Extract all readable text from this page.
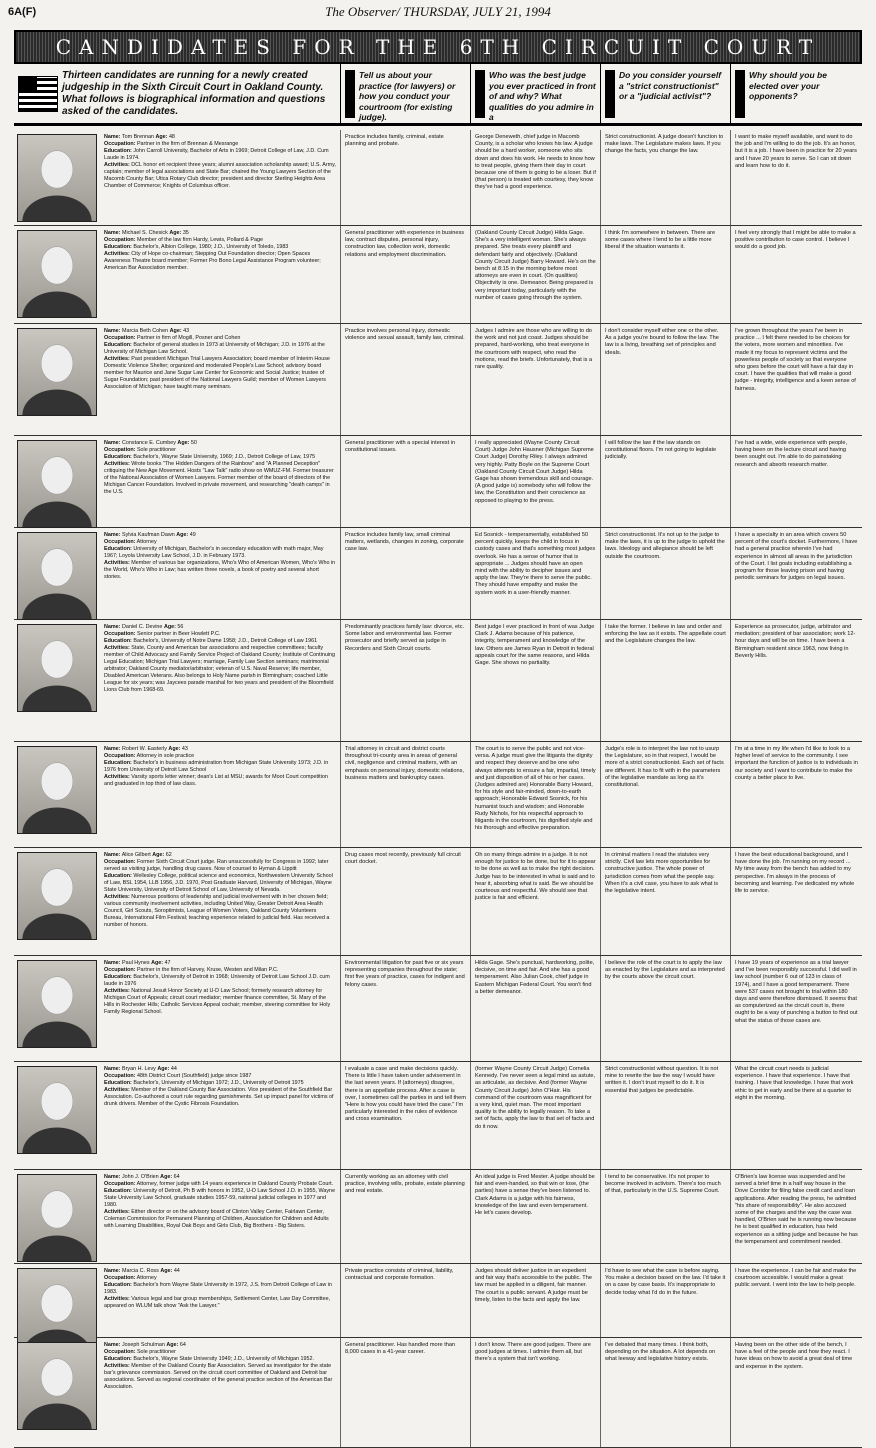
6A(F)	The Observer/ THURSDAY, JULY 21, 1994
CANDIDATES FOR THE 6TH CIRCUIT COURT
Thirteen candidates are running for a newly created judgeship in the Sixth Circuit Court in Oakland County. What follows is biographical information and questions asked of the candidates.
Tell us about your practice (for lawyers) or how you conduct your courtroom (for existing judge).
Who was the best judge you ever practiced in front of and why? What qualities do you admire in a
Do you consider yourself a "strict constructionist" or a "judicial activist"?
Why should you be elected over your opponents?
Name: Tom Brennan Age: 48
Occupation: Partner in the firm of Brennan & Mesrange
Education: John Carroll University, Bachelor of Arts in 1969; Detroit College of Law, J.D. Cum Laude in 1974.
Activities: DCL honor ert recipient three years; alumni association scholarship award; U.S. Army, captain; member of legal associations and State Bar; chaired the Young Lawyers Section of the Macomb County Bar; Utica Rotary Club director; president and director Sterling Heights Area Chamber of Commerce; Knights of Columbus officer.
Practice includes family, criminal, estate planning and probate.
George Deneweth, chief judge in Macomb County, is a scholar who knows his law. A judge should be a hard worker, someone who sits down and does his work. He needs to know how to treat people, giving them their day in court because one of them is going to be a loser. But if (that person) is treated with courtesy, they know they've had a good experience.
Strict constructionist. A judge doesn't function to make laws. The Legislature makes laws. If you change the facts, you change the law.
I want to make myself available, and want to do the job and I'm willing to do the job. It's an honor, but it is a job. I have been in practice for 20 years and I have 20 years to serve. So I can sit down and learn how to do it.
Name: Michael S. Chesick Age: 35
Occupation: Member of the law firm Hardy, Lewis, Pollard & Page
Education: Bachelor's, Albion College, 1980; J.D., University of Toledo, 1983
Activities: City of Hope co-chairman; Stepping Out Foundation director; Open Spaces Awareness Theatre board member; Former Pro Bono Legal Assistance Program volunteer; American Bar Association member.
General practitioner with experience in business law, contract disputes, personal injury, construction law, collection work, domestic relations and employment discrimination.
(Oakland County Circuit Judge) Hilda Gage. She's a very intelligent woman. She's always prepared. She treats every plaintiff and defendant fairly and objectively. (Oakland County Circuit Judge) Barry Howard. He's on the bench at 8:15 in the morning before most attorneys are even in court. (On qualities) Objectivity is one. Demeanor. Being prepared is very important today, particularly with the number of cases going through the system.
I think I'm somewhere in between. There are some cases where I tend to be a little more liberal if the situation warrants it.
I feel very strongly that I might be able to make a positive contribution to case control. I believe I would do a good job.
Name: Marcia Beth Cohen Age: 43
Occupation: Partner in firm of Mogill, Posner and Cohen
Education: Bachelor of general studies in 1973 at University of Michigan; J.D. in 1976 at the University of Michigan Law School.
Activities: Past president Michigan Trial Lawyers Association; board member of Interim House Domestic Violence Shelter; organized and moderated People's Law School; advisory board member for Maurice and Jane Sugar Law Center for Economic and Social Justice; trustee of Sugar Foundation; past president of the National Lawyers Guild; member of Women Lawyers Association of Michigan; have taught many seminars.
Practice involves personal injury, domestic violence and sexual assault, family law, criminal.
Judges I admire are those who are willing to do the work and not just coast. Judges should be prepared, hard-working, who treat everyone in the courtroom with respect, who read the motions, read the briefs. Unfortunately, that is a rare quality.
I don't consider myself either one or the other. As a judge you're bound to follow the law. The law is a living, breathing set of principles and ideals.
I've grown throughout the years I've been in practice ... I felt there needed to be choices for the voters, more women and minorities. I've made it my focus to represent victims and the powerless people of society so that everyone who goes before the court will have a fair day in court. I have the qualities that will make a good judge - integrity, intelligence and a keen sense of fairness.
Name: Constance E. Cumbey Age: 50
Occupation: Sole practitioner
Education: Bachelor's, Wayne State University, 1969; J.D., Detroit College of Law, 1975
Activities: Wrote books "The Hidden Dangers of the Rainbow" and "A Planned Deception" critiquing the New Age Movement. Hosts "Law Talk" radio show on WMUZ-FM. Former treasurer of the National Association of Women Lawyers. Former member of the board of directors of the Michigan Cancer Foundation. Involved in private movement, and researching "death camps" in the U.S.
General practitioner with a special interest in constitutional issues.
I really appreciated (Wayne County Circuit Court) Judge John Hausner (Michigan Supreme Court Judge) Dorothy Riley. I always admired very highly. Patty Boyle on the Supreme Court (Oakland County Circuit Court Judge) Hilda Gage has shown tremendous skill and courage. (A good judge is) somebody who will follow the law, the Constitution and their conscience as opposed to playing to the press.
I will follow the law if the law stands on constitutional floors. I'm not going to legislate judicially.
I've had a wide, wide experience with people, having been on the lecture circuit and having been sought out. I'm able to do painstaking research and absorb research matter.
Name: Sylvia Kaufman Dawn Age: 49
Occupation: Attorney
Education: University of Michigan, Bachelor's in secondary education with math major, May 1967; Loyola University Law School, J.D. in February 1973.
Activities: Member of various bar organizations, Who's Who of American Women, Who's Who in the World, Who's Who in Law; has written three novels, a book of poetry and several short stories.
Practice includes family law, small criminal matters, wetlands, changes in zoning, corporate case law.
Ed Sosnick - temperamentally, established 50 percent quickly, keeps the child in focus in custody cases and that's something most judges overlook. He has a sense of humor that is appropriate ... Judges should have an open mind with the ability to decipher issues and apply the law. They're there to serve the public. They should have empathy and make the system work in a user-friendly manner.
Strict constructionist. It's not up to the judge to make the laws, it is up to the judge to uphold the laws. Ideology and allegiance should be left outside the courtroom.
I have a specialty in an area which covers 50 percent of the court's docket. Furthermore, I have had a general practice wherein I've had experience in almost all areas in the jurisdiction of the Court. I list goals including establishing a program for those leaving prison and having periodic seminars for judges on legal issues.
Name: Daniel C. Devine Age: 56
Occupation: Senior partner in Beer Howlett P.C.
Education: Bachelor's, University of Notre Dame 1958; J.D., Detroit College of Law 1961
Activities: State, County and American bar associations and respective committees; faculty member of Child Advocacy and Family Service Project of Oakland County; Institute of Continuing Legal Education; Michigan Trial Lawyers; marriage, Family Law Section seminars; matrimonial arbitrator; Oakland County mediator/arbitrator; veteran of U.S. Naval Reserve; life member, Disabled American Veterans. Also belongs to Holy Name parish in Birmingham; coached Little League for six years; was Jaycees parade marshal for two years and president of the Bloomfield Lions Club from 1968-69.
Predominantly practices family law: divorce, etc. Some labor and environmental law. Former prosecutor and briefly served as judge in Recorders and Sixth Circuit courts.
Best judge I ever practiced in front of was Judge Clark J. Adams because of his patience, integrity, temperament and knowledge of the law. Others are James Ryan in Detroit in federal appeals court for the same reasons, and Hilda Gage. She shows no partiality.
I take the former. I believe in law and order and enforcing the law as it exists. The appellate court and the Legislature changes the law.
Experience as prosecutor, judge, arbitrator and mediation; president of bar association; work 12-hour days and will be on time. I have been a Birmingham resident since 1963, now living in Beverly Hills.
Name: Robert W. Easterly Age: 43
Occupation: Attorney in sole practice
Education: Bachelor's in business administration from Michigan State University 1973; J.D. in 1976 from University of Detroit Law School
Activities: Varsity sports letter winner; dean's List at MSU; awards for Moot Court competition and graduated in top third of law class.
Trial attorney in circuit and district courts throughout tri-county area in areas of general civil, negligence and criminal matters, with an emphasis on personal injury, domestic relations, business matters and bankruptcy cases.
The court is to serve the public and not vice-versa. A judge must give the litigants the dignity and respect they deserve and be one who always attempts to ensure a fair, impartial, timely and just disposition of all of his or her cases. (Judges admired are) Honorable Barry Howard, for his style and fair-minded, down-to-earth approach; Honorable Edward Sosnick, for his humanist touch and wisdom; and Honorable Rudy Nichols, for his respectful approach to litigants in the courtroom, his dignified style and his thorough and effective preparation.
Judge's role is to interpret the law not to usurp the Legislature, so in that respect, I would be more of a strict constructionist. Each set of facts are different. It has to fit with in the parameters of the legislative mandate as long as it's constitutional.
I'm at a time in my life when I'd like to look to a higher level of service to the community. I see important the function of justice is to individuals in our society and I want to contribute to make the county a better place to live.
Name: Alice Gilbert Age: 62
Occupation: Former Sixth Circuit Court judge. Ran unsuccessfully for Congress in 1992; later served as visiting judge, handling drug cases. Now of counsel to Hyman & Lippitt
Education: Wellesley College, political science and economics, Northwestern University School of Law, BSL 1954, LLB 1956, J.D. 1970, Post Graduate Harvard, University of Michigan, Wayne State University, University of Detroit School of Law, University of Nevada.
Activities: Numerous positions of leadership and judicial involvement with in her chosen field; various community involvement activities, including United Way, Greater Detroit Area Health Council, Girl Scouts, Soroptimists, League of Women Voters, Oakland County Volunteers Bureau, International Film Festival; teaching experience related to judicial field. Has received a number of honors.
Drug cases most recently, previously full circuit court docket.
Oh so many things admire in a judge. It is not enough for justice to be done, but for it to appear to be done as well as to make the right decision. Judge has to be interested in what is said and to hear it, absorbing what is said. Be we should be courteous and respectful. We should see that justice is fair and efficient.
In criminal matters I read the statutes very strictly. Civil law lets more opportunities for constructive justice. The whole power of jurisdiction comes from what the people say. When it's a civil case, you have to ask what is the legislative intent.
I have the best educational background, and I have done the job. I'm running on my record ... My time away from the bench has added to my perspective. I'm always in the process of becoming and learning. I've dedicated my whole life to service.
Name: Paul Hynes Age: 47
Occupation: Partner in the firm of Harvey, Kruse, Westen and Milan P.C.
Education: Bachelor's, University of Detroit in 1968; University of Detroit Law School J.D. cum laude in 1976
Activities: National Jesuit Honor Society at U-D Law School; formerly research attorney for Michigan Court of Appeals; circuit court mediator; member finance committee, St. Mary of the Hills in Rochester Hills; Catholic Services Appeal cochair; member, steering committee for Holy Family Regional School.
Environmental litigation for past five or six years representing companies throughout the state; first five years of practice, cases for indigent and felony cases.
Hilda Gage. She's punctual, hardworking, polite, decisive, on time and fair. And she has a good temperament. Also Julian Cook, chief judge in Eastern Michigan Federal Court. You won't find a better demeanor.
I believe the role of the court is to apply the law as enacted by the Legislature and as interpreted by the courts above the circuit court.
I have 19 years of experience as a trial lawyer and I've been responsibly successful. I did well in law school (number 6 out of 123 in class of 1974), and I have a good temperament. There were 537 cases not brought to trial within 180 days and were therefore dismissed. It seems that as computerized as the circuit court is, there ought to be a way of punching a button to find out what the status of those cases are.
Name: Bryan H. Levy Age: 44
Occupation: 48th District Court (Southfield) judge since 1987
Education: Bachelor's, University of Michigan 1972; J.D., University of Detroit 1975
Activities: Member of the Oakland County Bar Association. Vice president of the Southfield Bar Association. Co-authored a court rule regarding garnishments. Set up impact panel for victims of drunk drivers. Member of the Cystic Fibrosis Foundation.
I evaluate a case and make decisions quickly. There is little I have taken under advisement in the last seven years. If (attorneys) disagree, there is an appellate process. After a case is over, I sometimes call the parties in and tell them "Here is how you could have tried the case." I'm particularly interested in the rules of evidence and cross examination.
(former Wayne County Circuit Judge) Cornelia Kennedy. I've never seen a legal mind as astute, as articulate, as decisive. And (former Wayne County Circuit Judge) John O'Hair. His command of the courtroom was magnificent for a very kind, quiet man. The most important quality is the ability to legally reason. To take a set of facts, apply the law to that set of facts and do it now.
Strict constructionist without question. It is not mine to rewrite the law the way I would have written it. I don't trust myself to do it. It is essential that judges be predictable.
What the circuit court needs is judicial experience. I have that experience. I have that training. I have that knowledge. I have that work ethic to get in early and be there at a quarter to eight in the morning.
Name: John J. O'Brien Age: 64
Occupation: Attorney, former judge with 14 years experience in Oakland County Probate Court.
Education: University of Detroit, Ph B with honors in 1952, U-D Law School J.D. in 1955, Wayne State University Law School, graduate studies 1957-59, national judicial colleges in 1977 and 1980.
Activities: Either director or on the advisory board of Clinton Valley Center, Fairlawn Center, Coleman Commission for Permanent Planning of Children, Association for Children and Adults with Learning Disabilities, Royal Oak Boys and Girls Club, Big Brothers - Big Sisters.
Currently working as an attorney with civil practice, involving wills, probate, estate planning and real estate.
An ideal judge is Fred Mester. A judge should be fair and even-handed, so that win or lose, (the parties) have a sense they've been listened to. Clark Adams is a judge with his fairness, knowledge of the law and even temperament. He let's cases develop.
I tend to be conservative. It's not proper to become involved in activism. There's too much of that, particularly in the U.S. Supreme Court.
O'Brien's law license was suspended and he served a brief time in a half way house in the Dove Corridor for filing false credit card and loan applications. After reading the press, he admitted "his share of responsibility". He also accused some of the charges and the way the case was handled, O'Brien said he is running now because he is best qualified in education, has held experience as a sitting judge and because he has the temperament and commitment needed.
Name: Marcia C. Ross Age: 44
Occupation: Attorney
Education: Bachelor's from Wayne State University in 1972, J.S. from Detroit College of Law in 1983.
Activities: Various legal and bar group memberships, Settlement Center, Law Day Committee, appeared on WLUM talk show "Ask the Lawyer."
Private practice consists of criminal, liability, contractual and corporate formation.
Judges should deliver justice in an expedient and fair way that's accessible to the public. The law must be applied in a diligent, fair manner. The court is a public servant. A judge must be timely, listen to the facts and apply the law.
I'd have to see what the case is before saying. You make a decision based on the law. I'd take it on a case by case basis. It's inappropriate to decide today what I'd do in the future.
I have the experience. I can be fair and make the courtroom accessible. I would make a great public servant. I went into the law to help people.
Name: Joseph Schulman Age: 64
Occupation: Sole practitioner
Education: Bachelor's, Wayne State University 1949; J.D., University of Michigan 1952.
Activities: Member of the Oakland County Bar Association. Served as investigator for the state bar's grievance commission. Served on the circuit court committee of Oakland and Detroit bar associations. Served as regional coordinator of the general practice section of the American Bar Association.
General practitioner. Has handled more than 8,000 cases in a 41-year career.
I don't know. There are good judges. There are good judges at times. I admire them all, but there's a system that isn't working.
I've debated that many times. I think both, depending on the situation. A lot depends on what leeway and legislative history exists.
Having been on the other side of the bench, I have a feel of the people and how they react. I have ideas on how to avoid a great deal of time and expense in the system.
